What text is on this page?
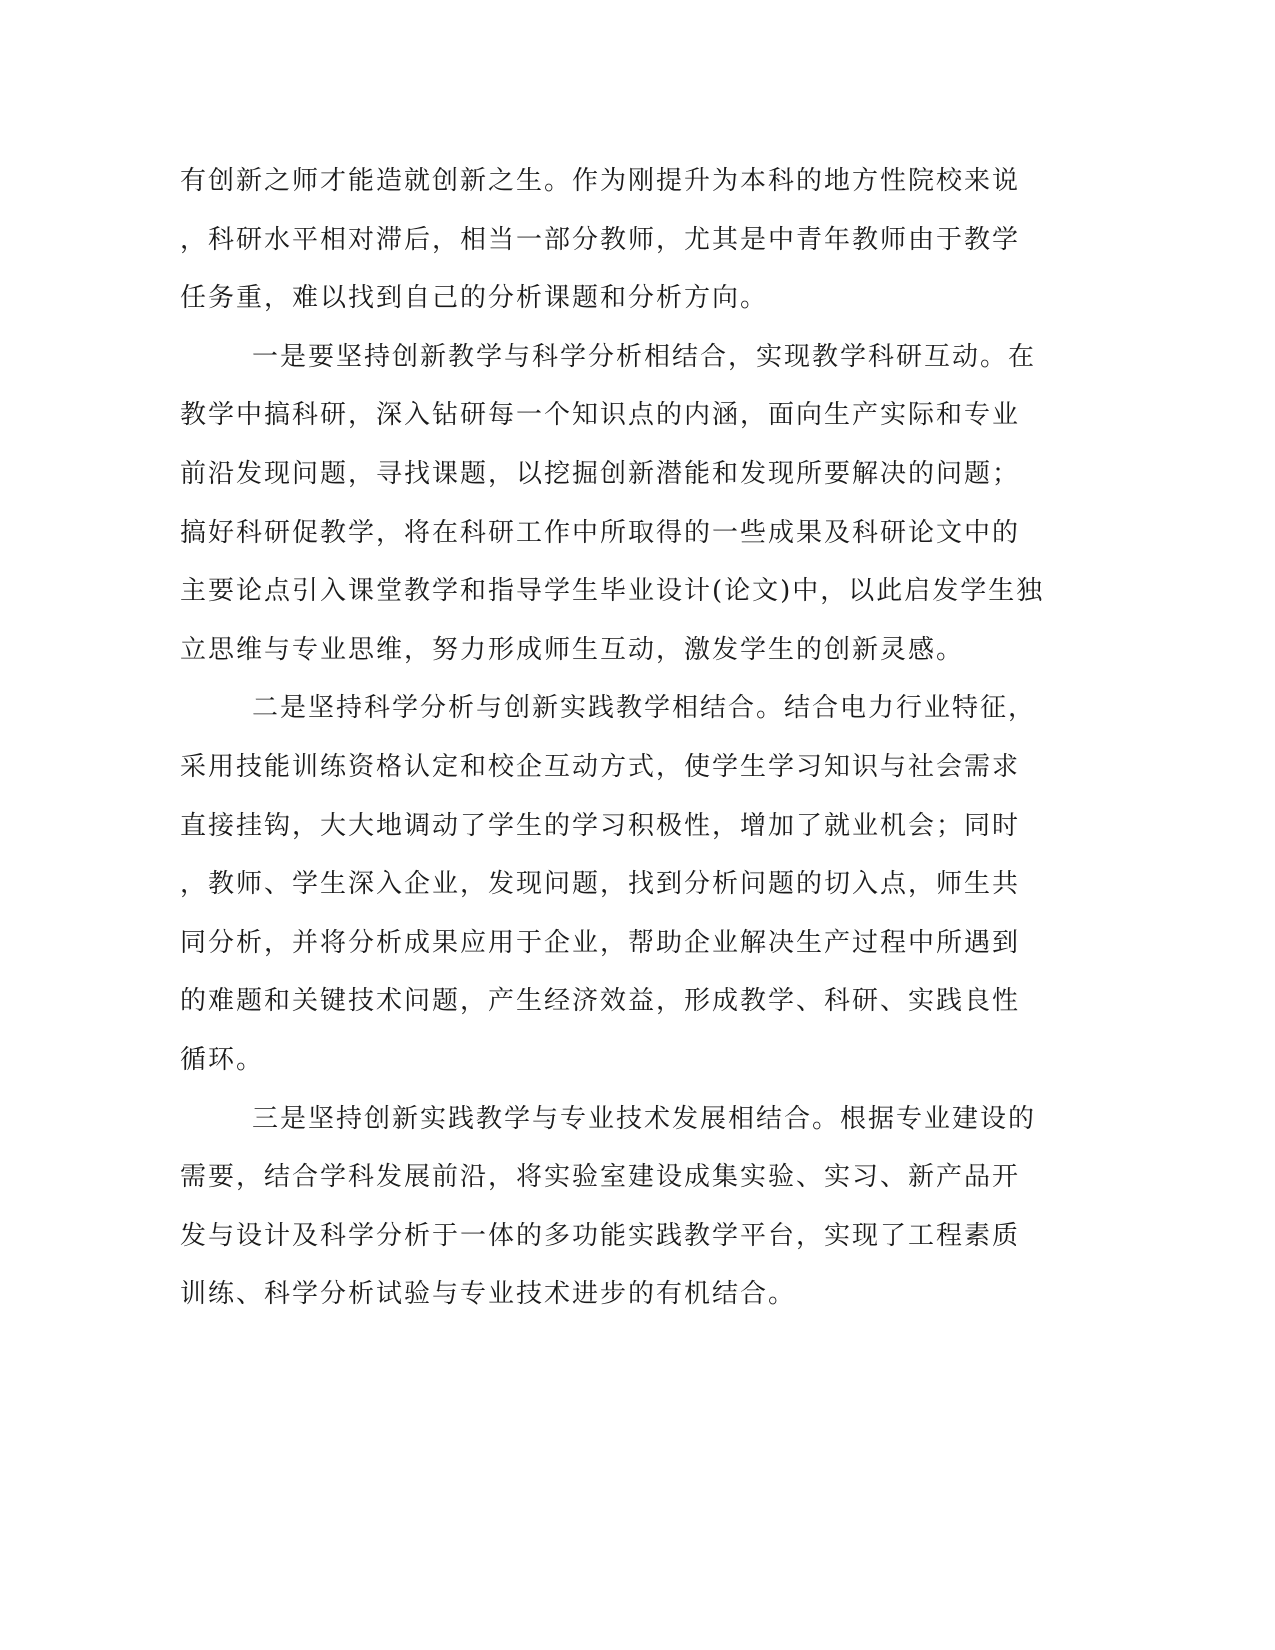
有创新之师才能造就创新之生。作为刚提升为本科的地方性院校来说
，科研水平相对滞后，相当一部分教师，尤其是中青年教师由于教学
任务重，难以找到自己的分析课题和分析方向。
一是要坚持创新教学与科学分析相结合，实现教学科研互动。在
教学中搞科研，深入钻研每一个知识点的内涵，面向生产实际和专业
前沿发现问题，寻找课题，以挖掘创新潜能和发现所要解决的问题；
搞好科研促教学，将在科研工作中所取得的一些成果及科研论文中的
主要论点引入课堂教学和指导学生毕业设计(论文)中，以此启发学生独
立思维与专业思维，努力形成师生互动，激发学生的创新灵感。
二是坚持科学分析与创新实践教学相结合。结合电力行业特征，
采用技能训练资格认定和校企互动方式，使学生学习知识与社会需求
直接挂钩，大大地调动了学生的学习积极性，增加了就业机会；同时
，教师、学生深入企业，发现问题，找到分析问题的切入点，师生共
同分析，并将分析成果应用于企业，帮助企业解决生产过程中所遇到
的难题和关键技术问题，产生经济效益，形成教学、科研、实践良性
循环。
三是坚持创新实践教学与专业技术发展相结合。根据专业建设的
需要，结合学科发展前沿，将实验室建设成集实验、实习、新产品开
发与设计及科学分析于一体的多功能实践教学平台，实现了工程素质
训练、科学分析试验与专业技术进步的有机结合。
